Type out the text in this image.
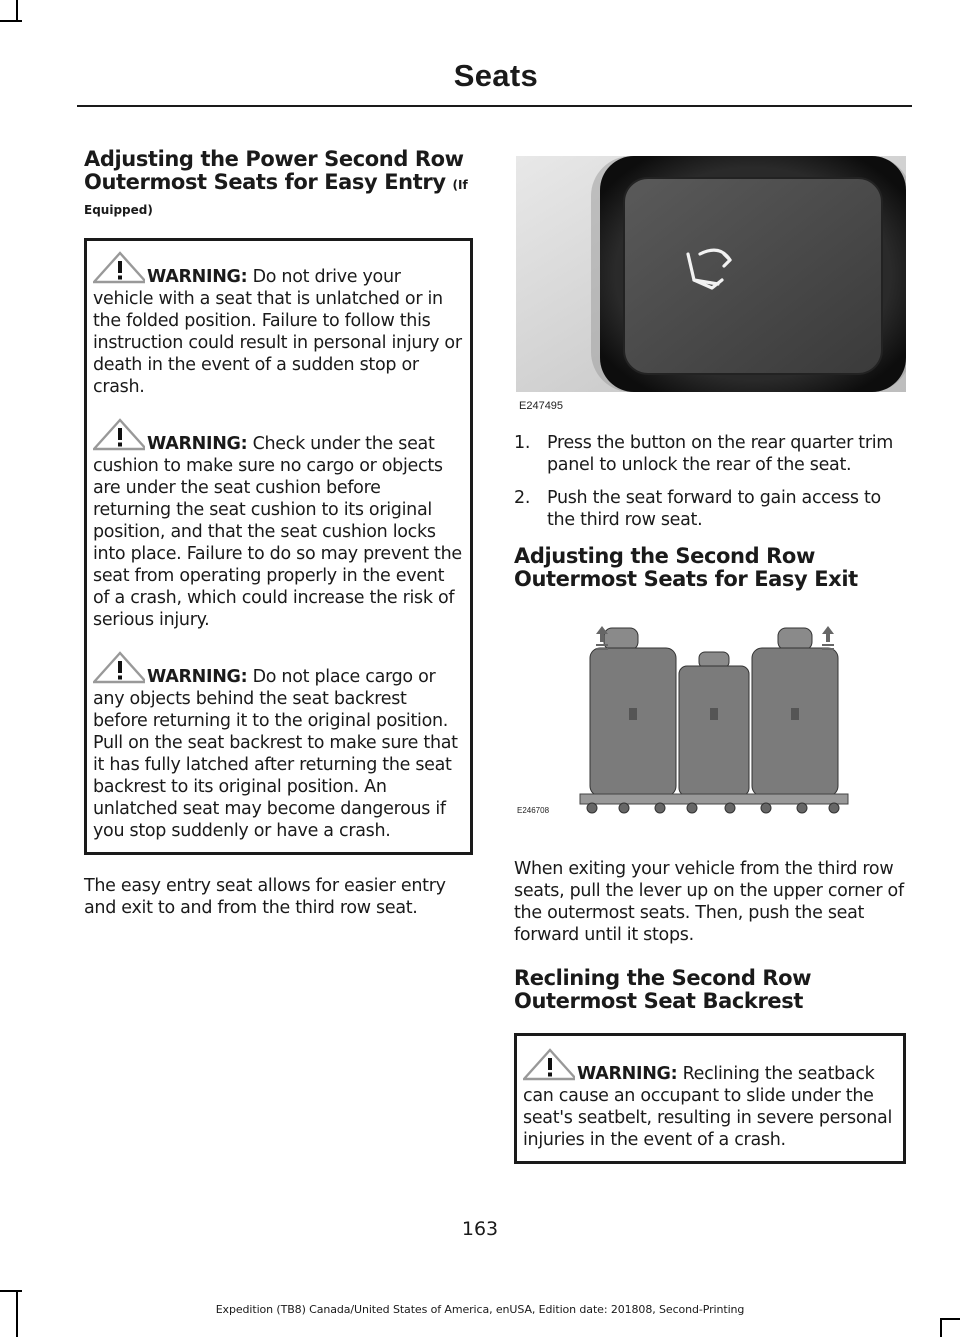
Seats
Adjusting the Power Second Row Outermost Seats for Easy Entry (If
Equipped)

WARNING: Do not drive your vehicle with a seat that is unlatched or in the folded position. Failure to follow this instruction could result in personal injury or death in the event of a sudden stop or crash.

WARNING: Check under the seat cushion to make sure no cargo or objects are under the seat cushion before returning the seat cushion to its original position, and that the seat cushion locks into place. Failure to do so may prevent the seat from operating properly in the event of a crash, which could increase the risk of serious injury.

WARNING: Do not place cargo or any objects behind the seat backrest before returning it to the original position. Pull on the seat backrest to make sure that it has fully latched after returning the seat backrest to its original position. An unlatched seat may become dangerous if you stop suddenly or have a crash.

The easy entry seat allows for easier entry and exit to and from the third row seat.

E247495
1. Press the button on the rear quarter trim panel to unlock the rear of the seat.
2. Push the seat forward to gain access to the third row seat.
Adjusting the Second Row Outermost Seats for Easy Exit
E246708

When exiting your vehicle from the third row seats, pull the lever up on the upper corner of the outermost seats. Then, push the seat forward until it stops.

Reclining the Second Row Outermost Seat Backrest

WARNING: Reclining the seatback can cause an occupant to slide under the seat's seatbelt, resulting in severe personal injuries in the event of a crash.

163
Expedition (TB8) Canada/United States of America, enUSA, Edition date: 201808, Second-Printing
